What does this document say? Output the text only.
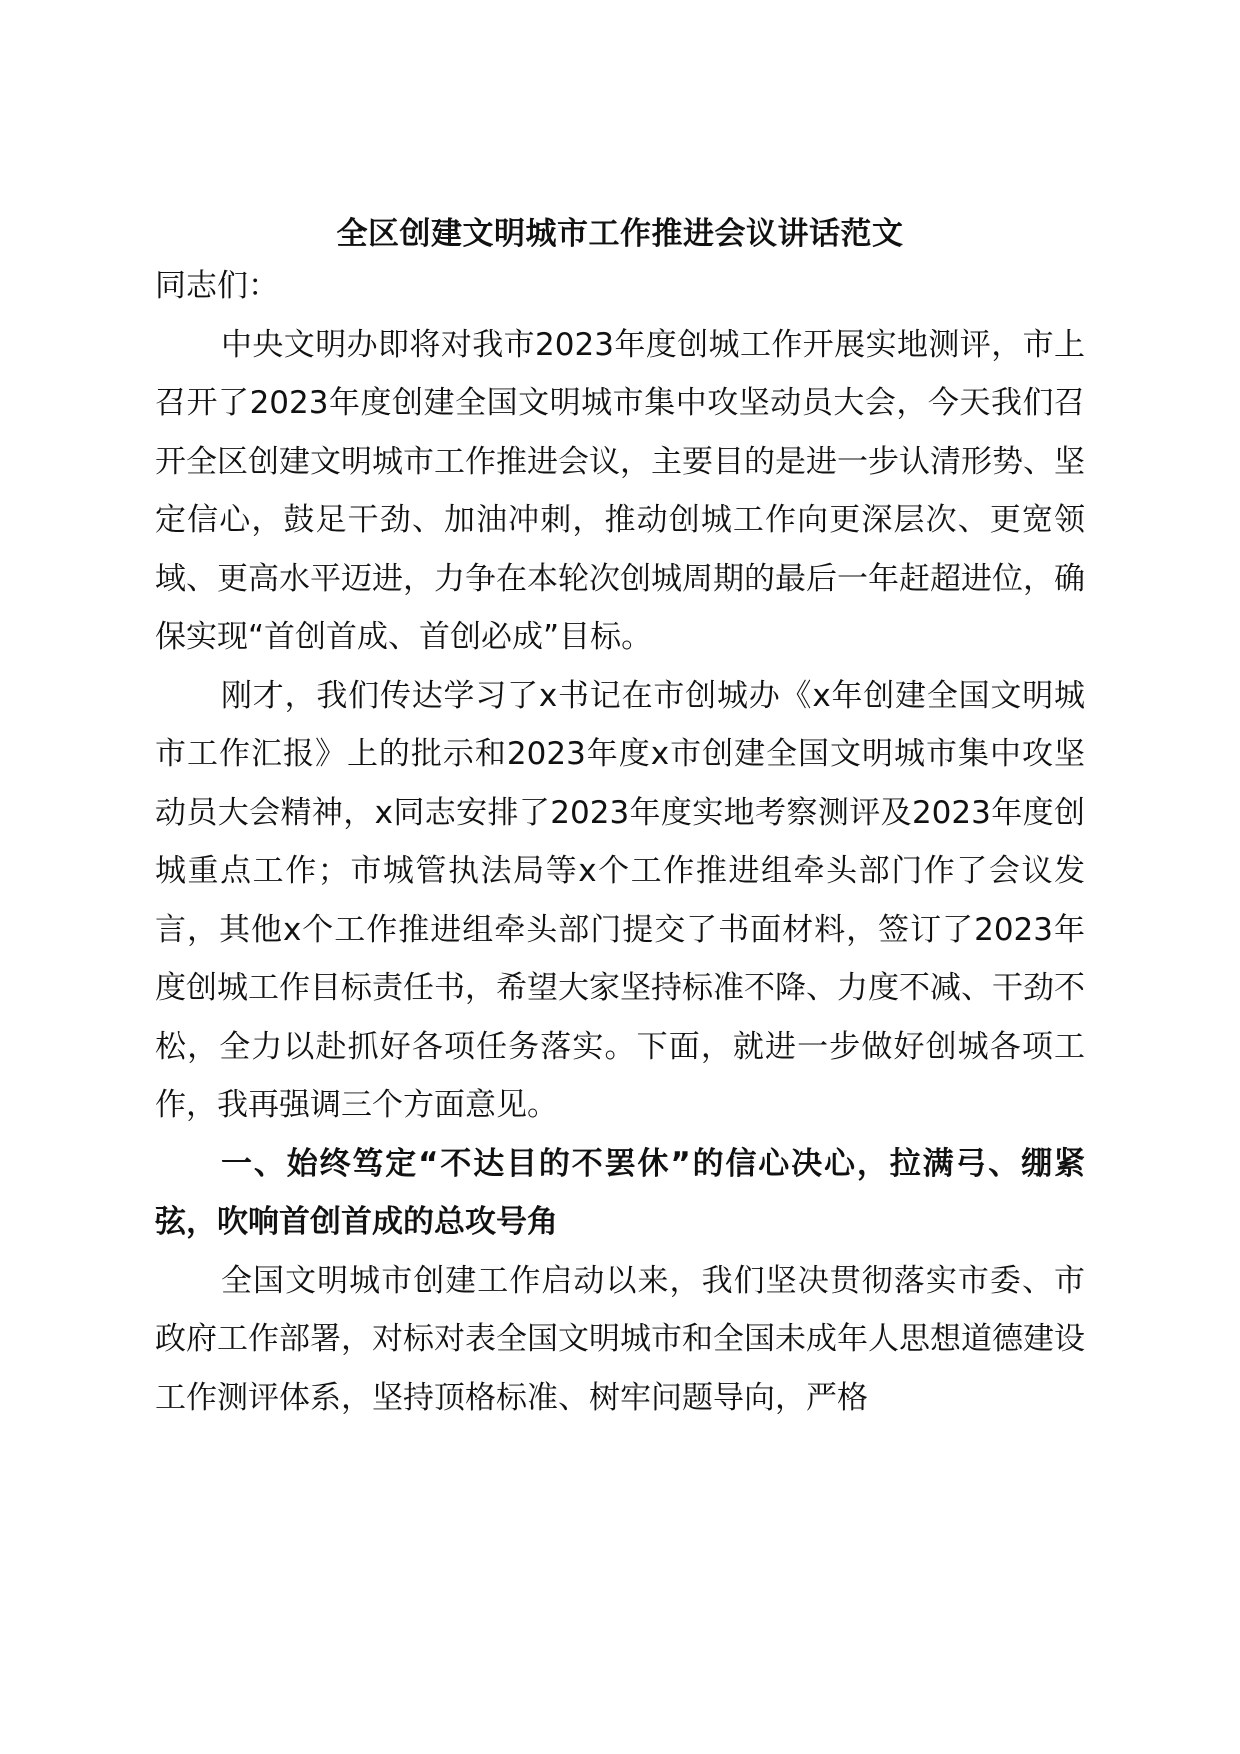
全区创建文明城市工作推进会议讲话范文

同志们：

中央文明办即将对我市2023年度创城工作开展实地测评，市上召开了2023年度创建全国文明城市集中攻坚动员大会，今天我们召开全区创建文明城市工作推进会议，主要目的是进一步认清形势、坚定信心，鼓足干劲、加油冲刺，推动创城工作向更深层次、更宽领域、更高水平迈进，力争在本轮次创城周期的最后一年赶超进位，确保实现“首创首成、首创必成”目标。

刚才，我们传达学习了x书记在市创城办《x年创建全国文明城市工作汇报》上的批示和2023年度x市创建全国文明城市集中攻坚动员大会精神，x同志安排了2023年度实地考察测评及2023年度创城重点工作；市城管执法局等x个工作推进组牵头部门作了会议发言，其他x个工作推进组牵头部门提交了书面材料，签订了2023年度创城工作目标责任书，希望大家坚持标准不降、力度不减、干劲不松，全力以赴抓好各项任务落实。下面，就进一步做好创城各项工作，我再强调三个方面意见。

一、始终笃定“不达目的不罢休”的信心决心，拉满弓、绷紧弦，吹响首创首成的总攻号角

全国文明城市创建工作启动以来，我们坚决贯彻落实市委、市政府工作部署，对标对表全国文明城市和全国未成年人思想道德建设工作测评体系，坚持顶格标准、树牢问题导向，严格
